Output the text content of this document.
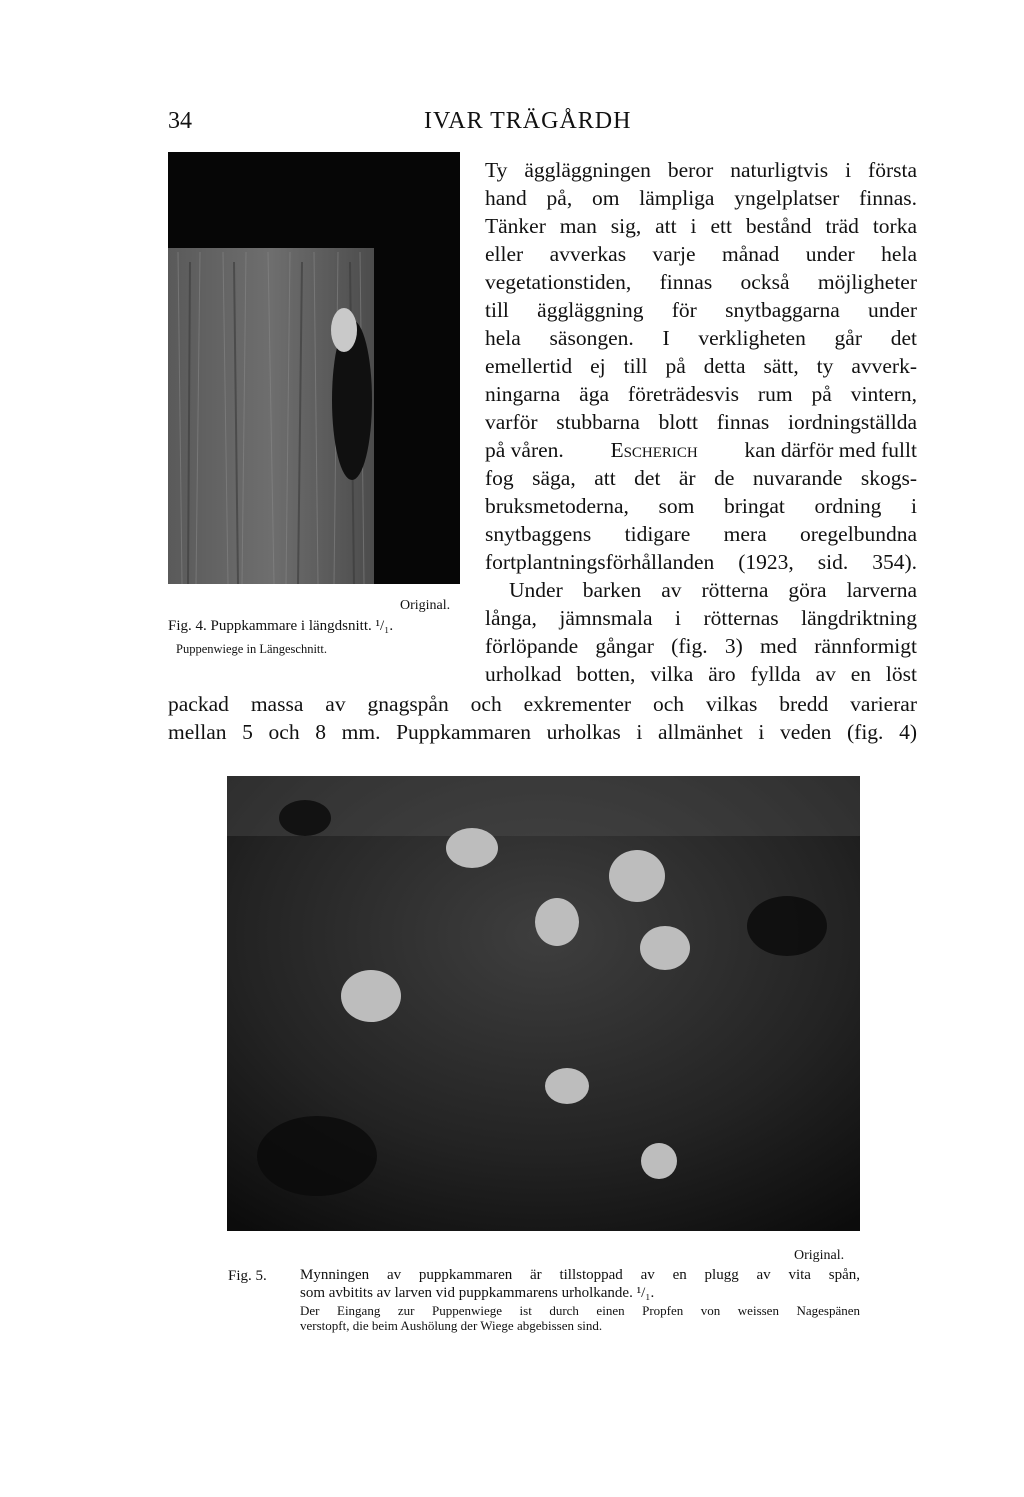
34	IVAR TRÄGÅRDH
Original.
Fig. 4. Puppkammare i längdsnitt. ¹/₁.
Puppenwiege in Längeschnitt.
Ty äggläggningen beror naturligtvis i första
hand på, om lämpliga yngelplatser finnas.
Tänker man sig, att i ett bestånd träd torka
eller avverkas varje månad under hela
vegetationstiden, finnas också möjligheter
till äggläggning för snytbaggarna under
hela säsongen. I verkligheten går det
emellertid ej till på detta sätt, ty avverk-
ningarna äga företrädesvis rum på vintern,
varför stubbarna blott finnas iordningställda
på våren. Escherich kan därför med fullt
fog säga, att det är de nuvarande skogs-
bruksmetoderna, som bringat ordning i
snytbaggens tidigare mera oregelbundna
fortplantningsförhållanden (1923, sid. 354).
Under barken av rötterna göra larverna
långa, jämnsmala i rötternas längdriktning
förlöpande gångar (fig. 3) med rännformigt
urholkad botten, vilka äro fyllda av en löst
packad massa av gnagspån och exkrementer och vilkas bredd varierar
mellan 5 och 8 mm. Puppkammaren urholkas i allmänhet i veden (fig. 4)
Original.
Fig. 5. Mynningen av puppkammaren är tillstoppad av en plugg av vita spån,
som avbitits av larven vid puppkammarens urholkande. ¹/₁.
Der Eingang zur Puppenwiege ist durch einen Propfen von weissen Nagespänen
verstopft, die beim Aushölung der Wiege abgebissen sind.
